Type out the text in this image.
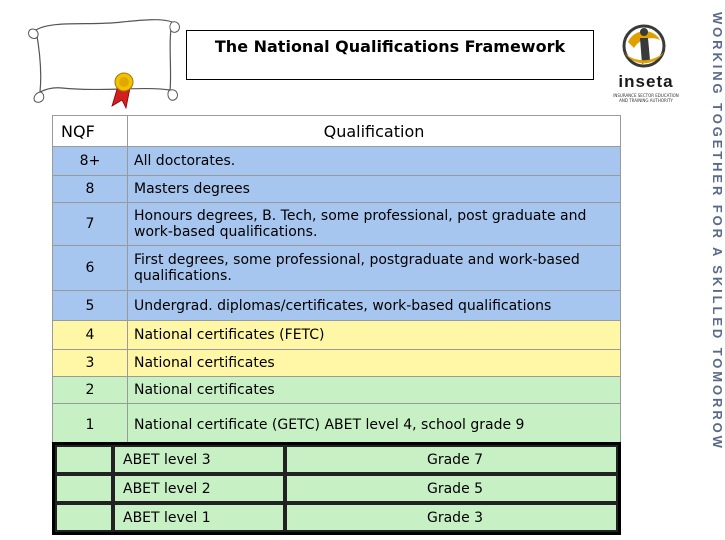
The National Qualifications Framework
inseta
INSURANCE SECTOR EDUCATION AND TRAINING AUTHORITY	WORKING TOGETHER FOR A SKILLED TOMORROW
NQF	Qualification
8+	All doctorates.
8	Masters degrees
7	Honours degrees, B. Tech, some professional, post graduate and work-based qualifications.
6	First degrees, some professional, postgraduate and work-based qualifications.
5	Undergrad. diplomas/certificates, work-based qualifications
4	National certificates (FETC)
3	National certificates
2	National certificates
1	National certificate (GETC) ABET level 4, school grade 9
	ABET level 3	Grade 7
	ABET level 2	Grade 5
	ABET level 1	Grade 3
